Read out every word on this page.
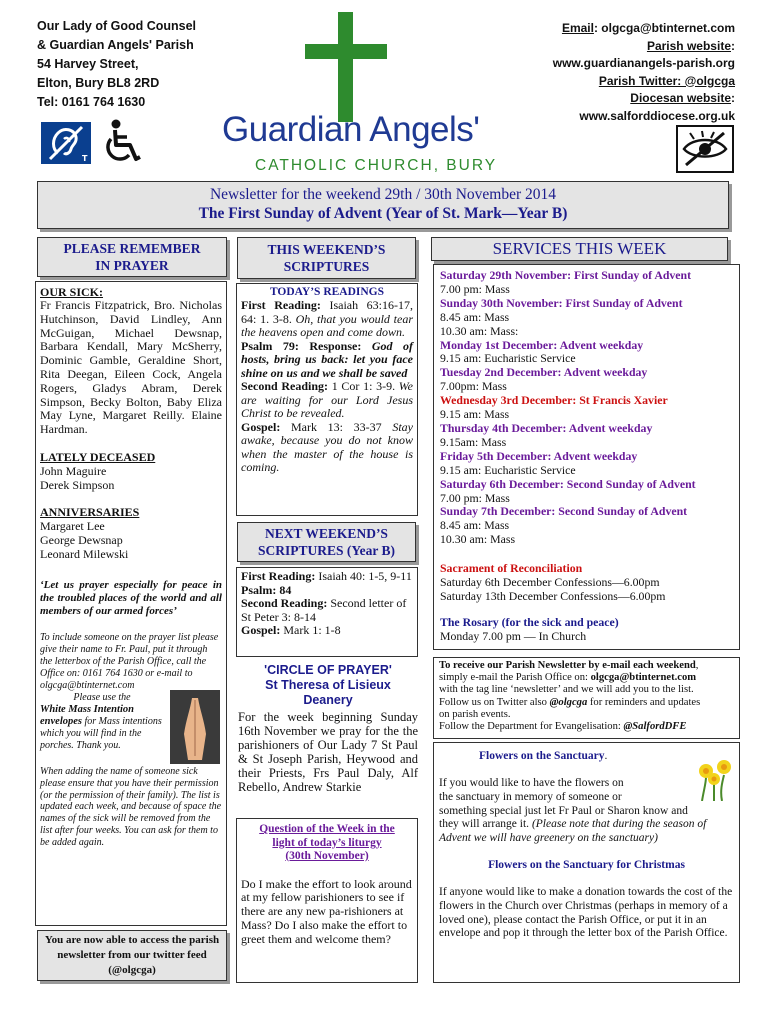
Our Lady of Good Counsel
& Guardian Angels' Parish
54 Harvey Street,
Elton, Bury BL8 2RD
Tel: 0161 764 1630
T
Guardian Angels'
CATHOLIC CHURCH, BURY
Email: olgcga@btinternet.com
Parish website:
www.guardianangels-parish.org
Parish Twitter: @olgcga
Diocesan website:
www.salforddiocese.org.uk
Newsletter for the weekend 29th / 30th November 2014
The First Sunday of Advent (Year of St. Mark—Year B)
PLEASE REMEMBER
IN PRAYER
OUR SICK:
Fr Francis Fitzpatrick, Bro. Nicholas Hutchinson, David Lindley, Ann McGuigan, Michael Dewsnap, Barbara Kendall, Mary McSherry, Dominic Gamble, Geraldine Short, Rita Deegan, Eileen Cock, Angela Rogers, Gladys Abram, Derek Simpson, Becky Bolton, Baby Eliza May Lyne, Margaret Reilly. Elaine Hardman.
LATELY DECEASED
John Maguire
Derek Simpson
ANNIVERSARIES
Margaret Lee
George Dewsnap
Leonard Milewski
‘Let us prayer especially for peace in the troubled places of the world and all members of our armed forces’
To include someone on the prayer list please give their name to Fr. Paul, put it through the letterbox of the Parish Office, call the Office on: 0161 764 1630 or e-mail to olgcga@btinternet.com
Please use the
White Mass Intention envelopes for Mass intentions which you will find in the porches. Thank you.
When adding the name of someone sick please ensure that you have their permission (or the permission of their family). The list is updated each week, and because of space the names of the sick will be removed from the list after four weeks. You can ask for them to be added again.
You are now able to access the parish newsletter from our twitter feed (@olgcga)
THIS WEEKEND’S
SCRIPTURES
TODAY’S READINGS
First Reading: Isaiah 63:16-17, 64: 1. 3-8. Oh, that you would tear the heavens open and come down.
Psalm 79: Response: God of hosts, bring us back: let you face shine on us and we shall be saved
Second Reading: 1 Cor 1: 3-9. We are waiting for our Lord Jesus Christ to be revealed.
Gospel: Mark 13: 33-37 Stay awake, because you do not know when the master of the house is coming.
NEXT WEEKEND’S
SCRIPTURES (Year B)
First Reading: Isaiah 40: 1-5, 9-11
Psalm: 84
Second Reading: Second letter of St Peter 3: 8-14
Gospel: Mark 1: 1-8
'CIRCLE OF PRAYER'
St Theresa of Lisieux
Deanery
For the week beginning Sunday 16th November we pray for the the parishioners of Our Lady 7 St Paul & St Joseph Parish, Heywood and their Priests, Frs Paul Daly, Alf Rebello, Andrew Starkie
Question of the Week in the
light of today’s liturgy
(30th November)
Do I make the effort to look around at my fellow parishioners to see if there are any new pa-rishioners at Mass? Do I also make the effort to greet them and welcome them?
SERVICES THIS WEEK
Saturday 29th November: First Sunday of Advent
7.00 pm: Mass
Sunday 30th November: First Sunday of Advent
8.45 am: Mass
10.30 am: Mass:
Monday 1st December: Advent weekday
9.15 am: Eucharistic Service
Tuesday 2nd December: Advent weekday
7.00pm: Mass
Wednesday 3rd December: St Francis Xavier
9.15 am: Mass
Thursday 4th December: Advent weekday
9.15am: Mass
Friday 5th December: Advent weekday
9.15 am: Eucharistic Service
Saturday 6th December: Second Sunday of Advent
7.00 pm: Mass
Sunday 7th December: Second Sunday of Advent
8.45 am: Mass
10.30 am: Mass
Sacrament of Reconciliation
Saturday 6th December Confessions—6.00pm
Saturday 13th December Confessions—6.00pm
The Rosary (for the sick and peace)
Monday 7.00 pm — In Church
To receive our Parish Newsletter by e-mail each weekend,
simply e-mail the Parish Office on: olgcga@btinternet.com
with the tag line ‘newsletter’ and we will add you to the list.
Follow us on Twitter also @olgcga for reminders and updates
on parish events.
Follow the Department for Evangelisation: @SalfordDFE
Flowers on the Sanctuary.
If you would like to have the flowers on
the sanctuary in memory of someone or
something special just let Fr Paul or Sharon know and
they will arrange it. (Please note that during the season of Advent we will have greenery on the sanctuary)
Flowers on the Sanctuary for Christmas
If anyone would like to make a donation towards the cost of the flowers in the Church over Christmas (perhaps in memory of a loved one), please contact the Parish Office, or put it in an envelope and pop it through the letter box of the Parish Office.
